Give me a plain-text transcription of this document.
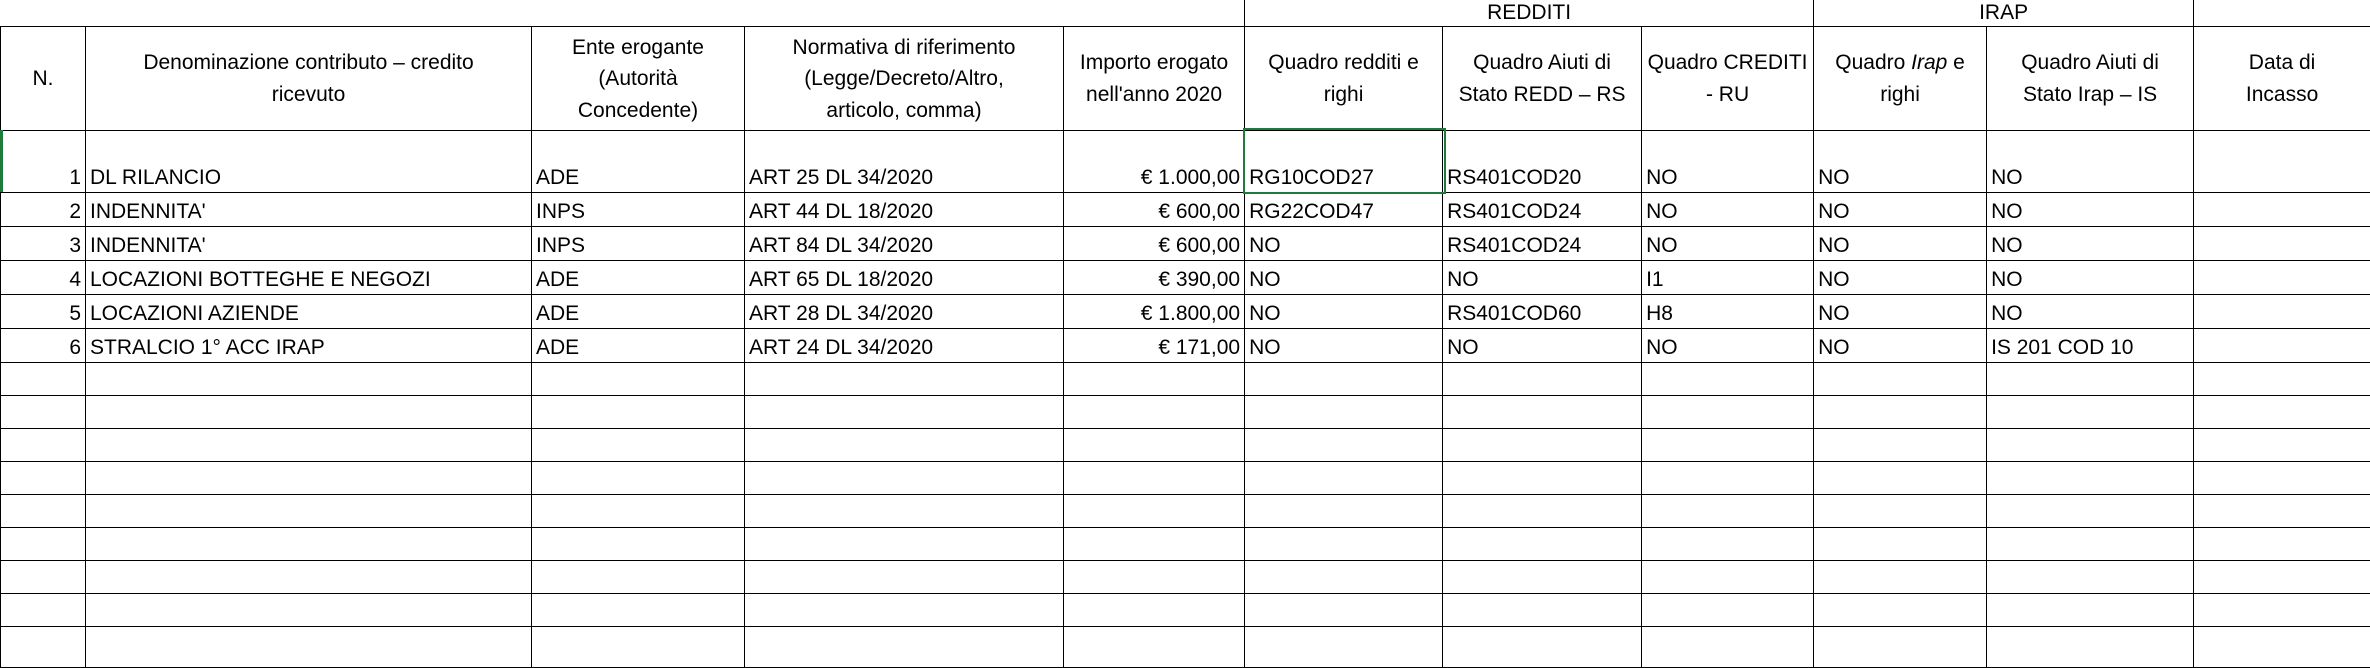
					REDDITI			IRAP		
N.	Denominazione contributo – credito ricevuto	Ente erogante (Autorità Concedente)	Normativa di riferimento (Legge/Decreto/Altro, articolo, comma)	Importo erogato nell'anno 2020	Quadro redditi e righi	Quadro Aiuti di Stato REDD – RS	Quadro CREDITI - RU	Quadro Irap e righi	Quadro Aiuti di Stato Irap – IS	Data di Incasso
1	DL RILANCIO	ADE	ART 25 DL 34/2020	€ 1.000,00	RG10COD27	RS401COD20	NO	NO	NO	
2	INDENNITA'	INPS	ART 44 DL 18/2020	€ 600,00	RG22COD47	RS401COD24	NO	NO	NO	
3	INDENNITA'	INPS	ART 84 DL 34/2020	€ 600,00	NO	RS401COD24	NO	NO	NO	
4	LOCAZIONI BOTTEGHE E NEGOZI	ADE	ART 65 DL 18/2020	€ 390,00	NO	NO	I1	NO	NO	
5	LOCAZIONI AZIENDE	ADE	ART 28 DL 34/2020	€ 1.800,00	NO	RS401COD60	H8	NO	NO	
6	STRALCIO 1° ACC IRAP	ADE	ART 24 DL 34/2020	€ 171,00	NO	NO	NO	NO	IS 201 COD 10	
